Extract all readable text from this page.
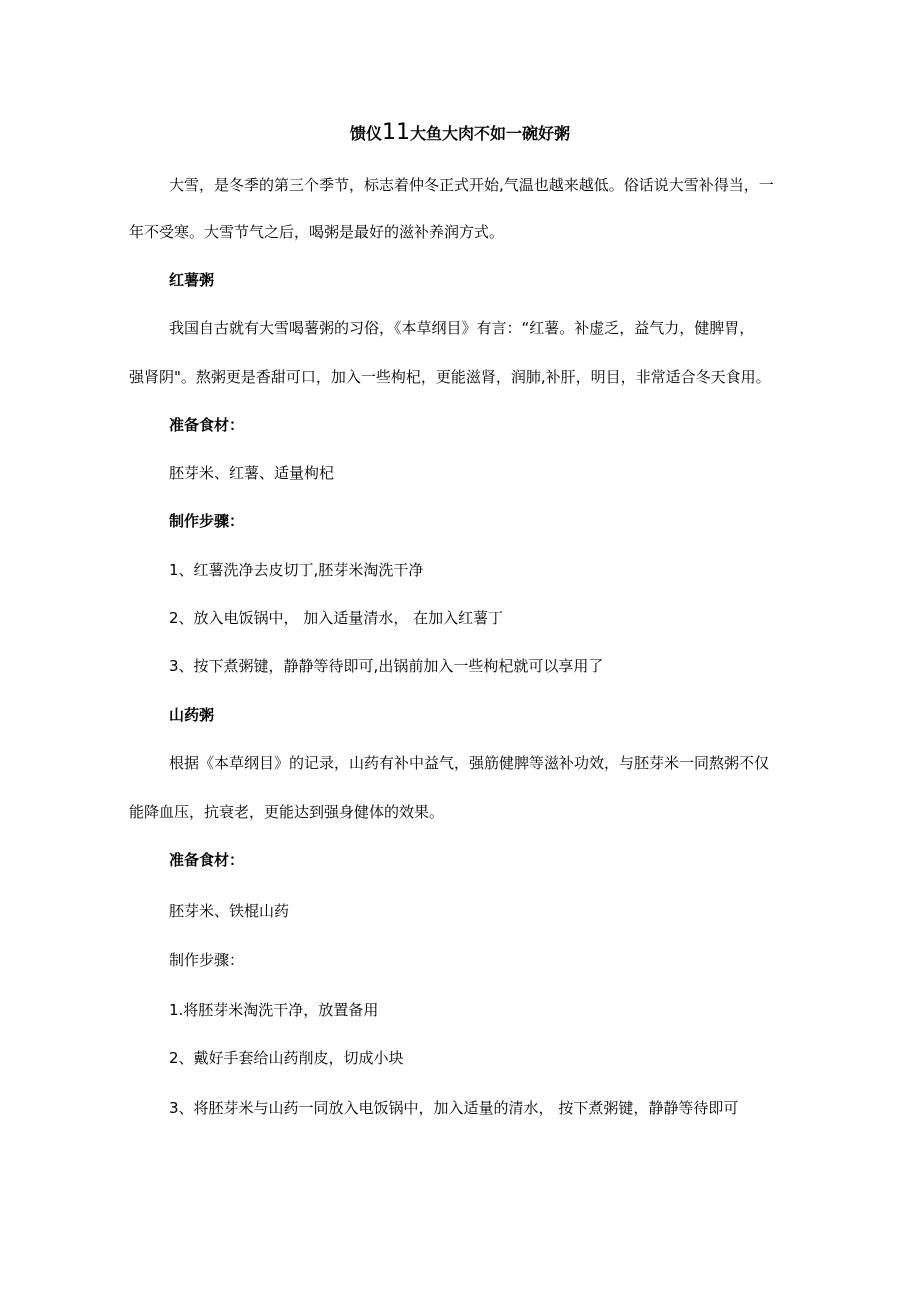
馈仪11大鱼大肉不如一碗好粥
大雪，是冬季的第三个季节，标志着仲冬正式开始,气温也越来越低。俗话说大雪补得当，一
年不受寒。大雪节气之后，喝粥是最好的滋补养润方式。
红薯粥
我国自古就有大雪喝薯粥的习俗，《本草纲目》有言：“红薯。补虚乏，益气力，健脾胃，
强肾阴"。熬粥更是香甜可口，加入一些枸杞，更能滋肾，润肺,补肝，明目，非常适合冬天食用。
准备食材：
胚芽米、红薯、适量枸杞
制作步骤：
1、红薯洗净去皮切丁,胚芽米淘洗干净
2、放入电饭锅中， 加入适量清水， 在加入红薯丁
3、按下煮粥键，静静等待即可,出锅前加入一些枸杞就可以享用了
山药粥
根据《本草纲目》的记录，山药有补中益气，强筋健脾等滋补功效，与胚芽米一同熬粥不仅
能降血压，抗衰老，更能达到强身健体的效果。
准备食材：
胚芽米、铁棍山药
制作步骤：
1.将胚芽米淘洗干净，放置备用
2、戴好手套给山药削皮，切成小块
3、将胚芽米与山药一同放入电饭锅中，加入适量的清水， 按下煮粥键，静静等待即可
